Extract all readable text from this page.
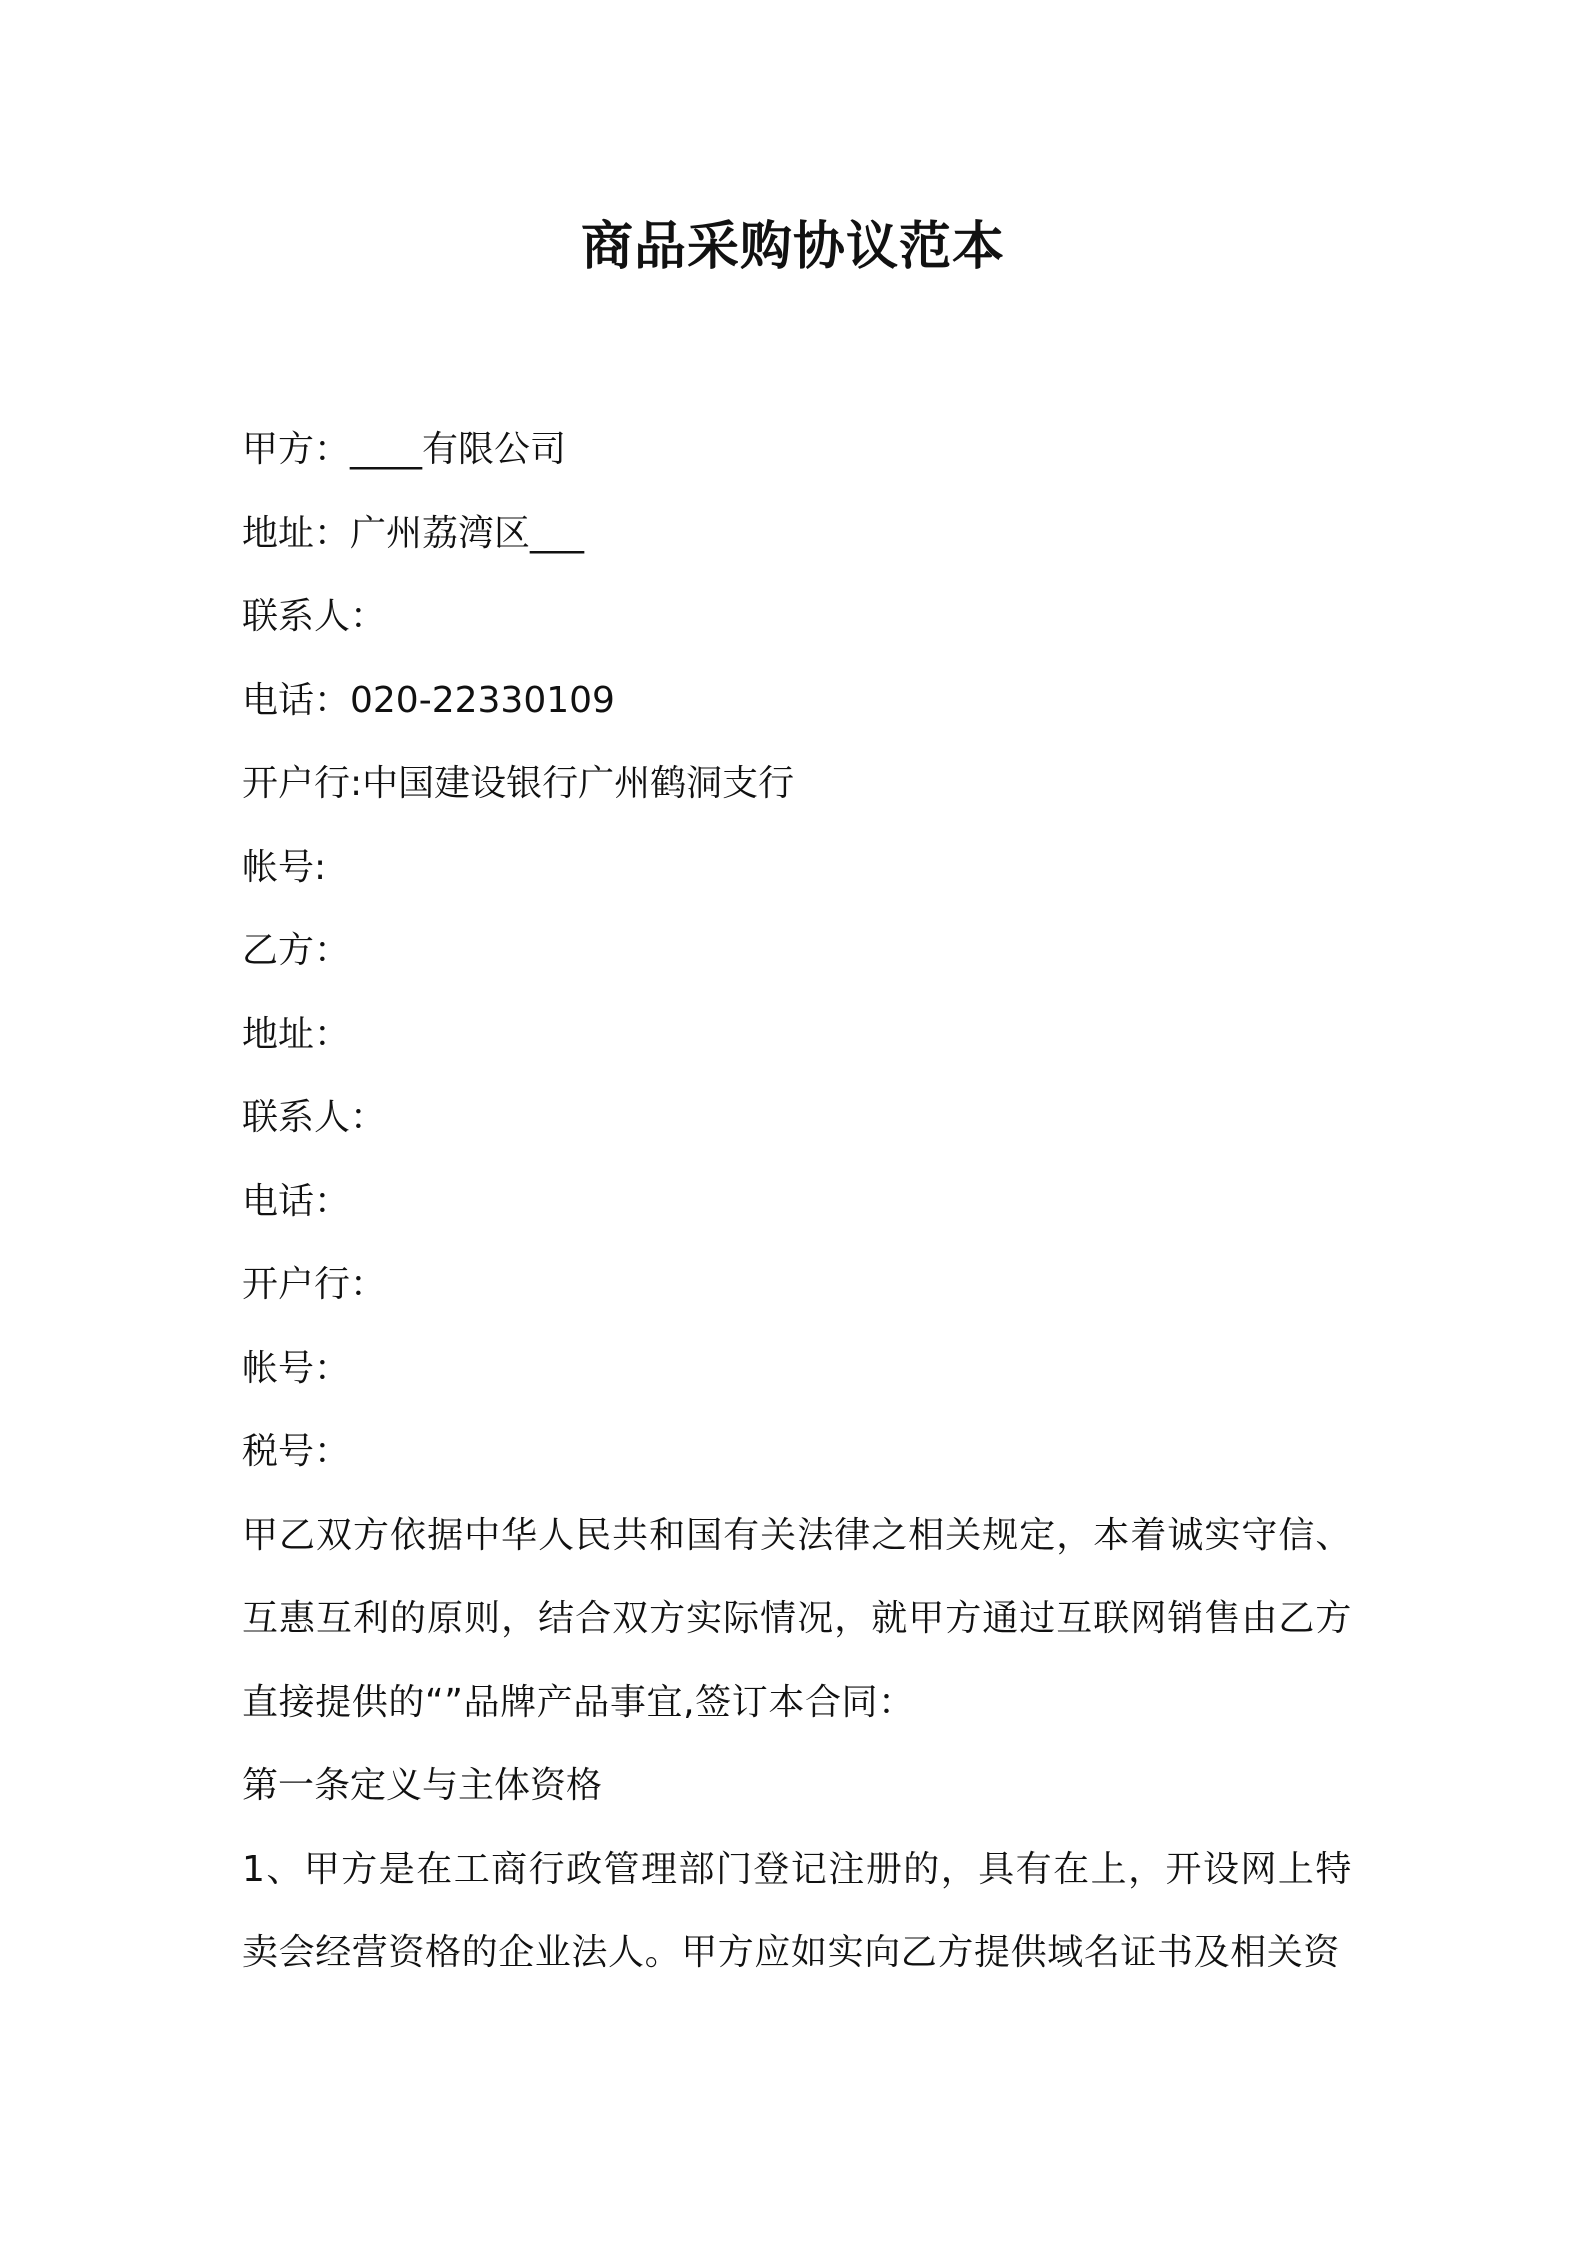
商品采购协议范本

甲方：____有限公司

地址：广州荔湾区___

联系人：

电话：020-22330109

开户行:中国建设银行广州鹤洞支行

帐号:

乙方：

地址：

联系人：

电话：

开户行：

帐号：

税号：

甲乙双方依据中华人民共和国有关法律之相关规定，本着诚实守信、互惠互利的原则，结合双方实际情况，就甲方通过互联网销售由乙方直接提供的“”品牌产品事宜,签订本合同：

第一条定义与主体资格

1、甲方是在工商行政管理部门登记注册的，具有在上，开设网上特卖会经营资格的企业法人。甲方应如实向乙方提供域名证书及相关资
